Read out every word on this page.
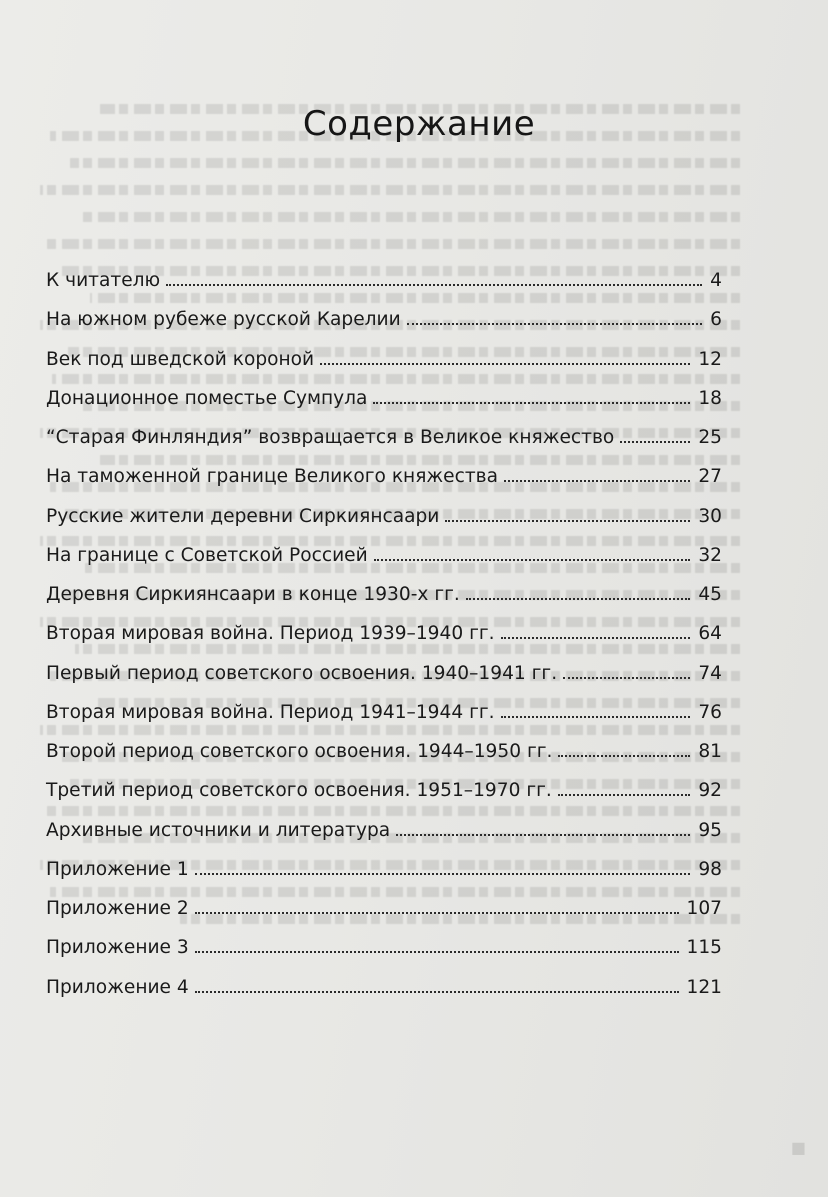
Содержание
К читателю	4
На южном рубеже русской Карелии	6
Век под шведской короной	12
Донационное поместье Сумпула	18
“Старая Финляндия” возвращается в Великое княжество	25
На таможенной границе Великого княжества	27
Русские жители деревни Сиркиянсаари	30
На границе с Советской Россией	32
Деревня Сиркиянсаари в конце 1930-х гг.	45
Вторая мировая война. Период 1939–1940 гг.	64
Первый период советского освоения. 1940–1941 гг.	74
Вторая мировая война. Период 1941–1944 гг.	76
Второй период советского освоения. 1944–1950 гг.	81
Третий период советского освоения. 1951–1970 гг.	92
Архивные источники и литература	95
Приложение 1	98
Приложение 2	107
Приложение 3	115
Приложение 4	121
■
